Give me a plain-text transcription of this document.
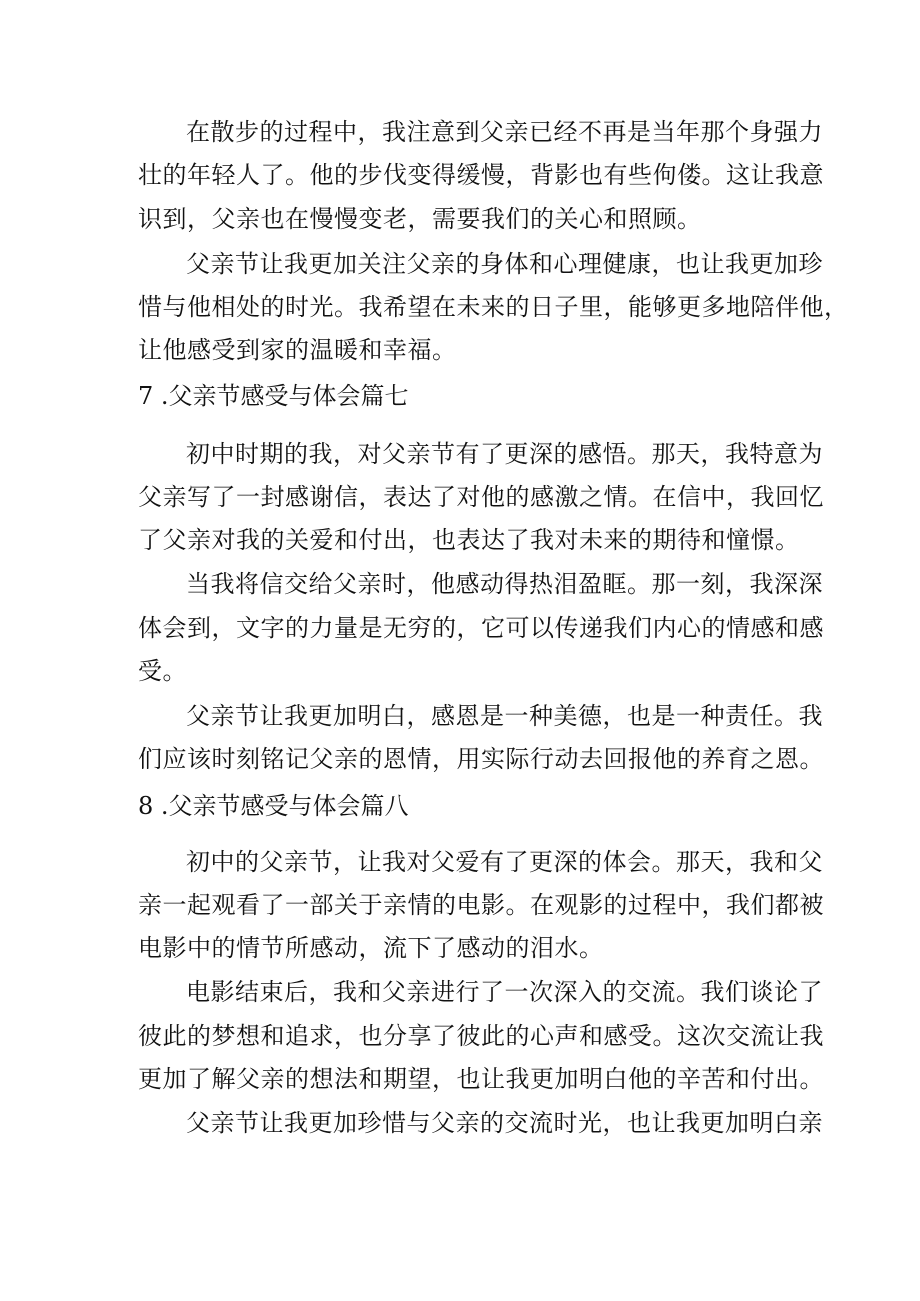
在散步的过程中，我注意到父亲已经不再是当年那个身强力
壮的年轻人了。他的步伐变得缓慢，背影也有些佝偻。这让我意
识到，父亲也在慢慢变老，需要我们的关心和照顾。
父亲节让我更加关注父亲的身体和心理健康，也让我更加珍
惜与他相处的时光。我希望在未来的日子里，能够更多地陪伴他，
让他感受到家的温暖和幸福。
7 .父亲节感受与体会篇七
初中时期的我，对父亲节有了更深的感悟。那天，我特意为
父亲写了一封感谢信，表达了对他的感激之情。在信中，我回忆
了父亲对我的关爱和付出，也表达了我对未来的期待和憧憬。
当我将信交给父亲时，他感动得热泪盈眶。那一刻，我深深
体会到，文字的力量是无穷的，它可以传递我们内心的情感和感
受。
父亲节让我更加明白，感恩是一种美德，也是一种责任。我
们应该时刻铭记父亲的恩情，用实际行动去回报他的养育之恩。
8 .父亲节感受与体会篇八
初中的父亲节，让我对父爱有了更深的体会。那天，我和父
亲一起观看了一部关于亲情的电影。在观影的过程中，我们都被
电影中的情节所感动，流下了感动的泪水。
电影结束后，我和父亲进行了一次深入的交流。我们谈论了
彼此的梦想和追求，也分享了彼此的心声和感受。这次交流让我
更加了解父亲的想法和期望，也让我更加明白他的辛苦和付出。
父亲节让我更加珍惜与父亲的交流时光，也让我更加明白亲
